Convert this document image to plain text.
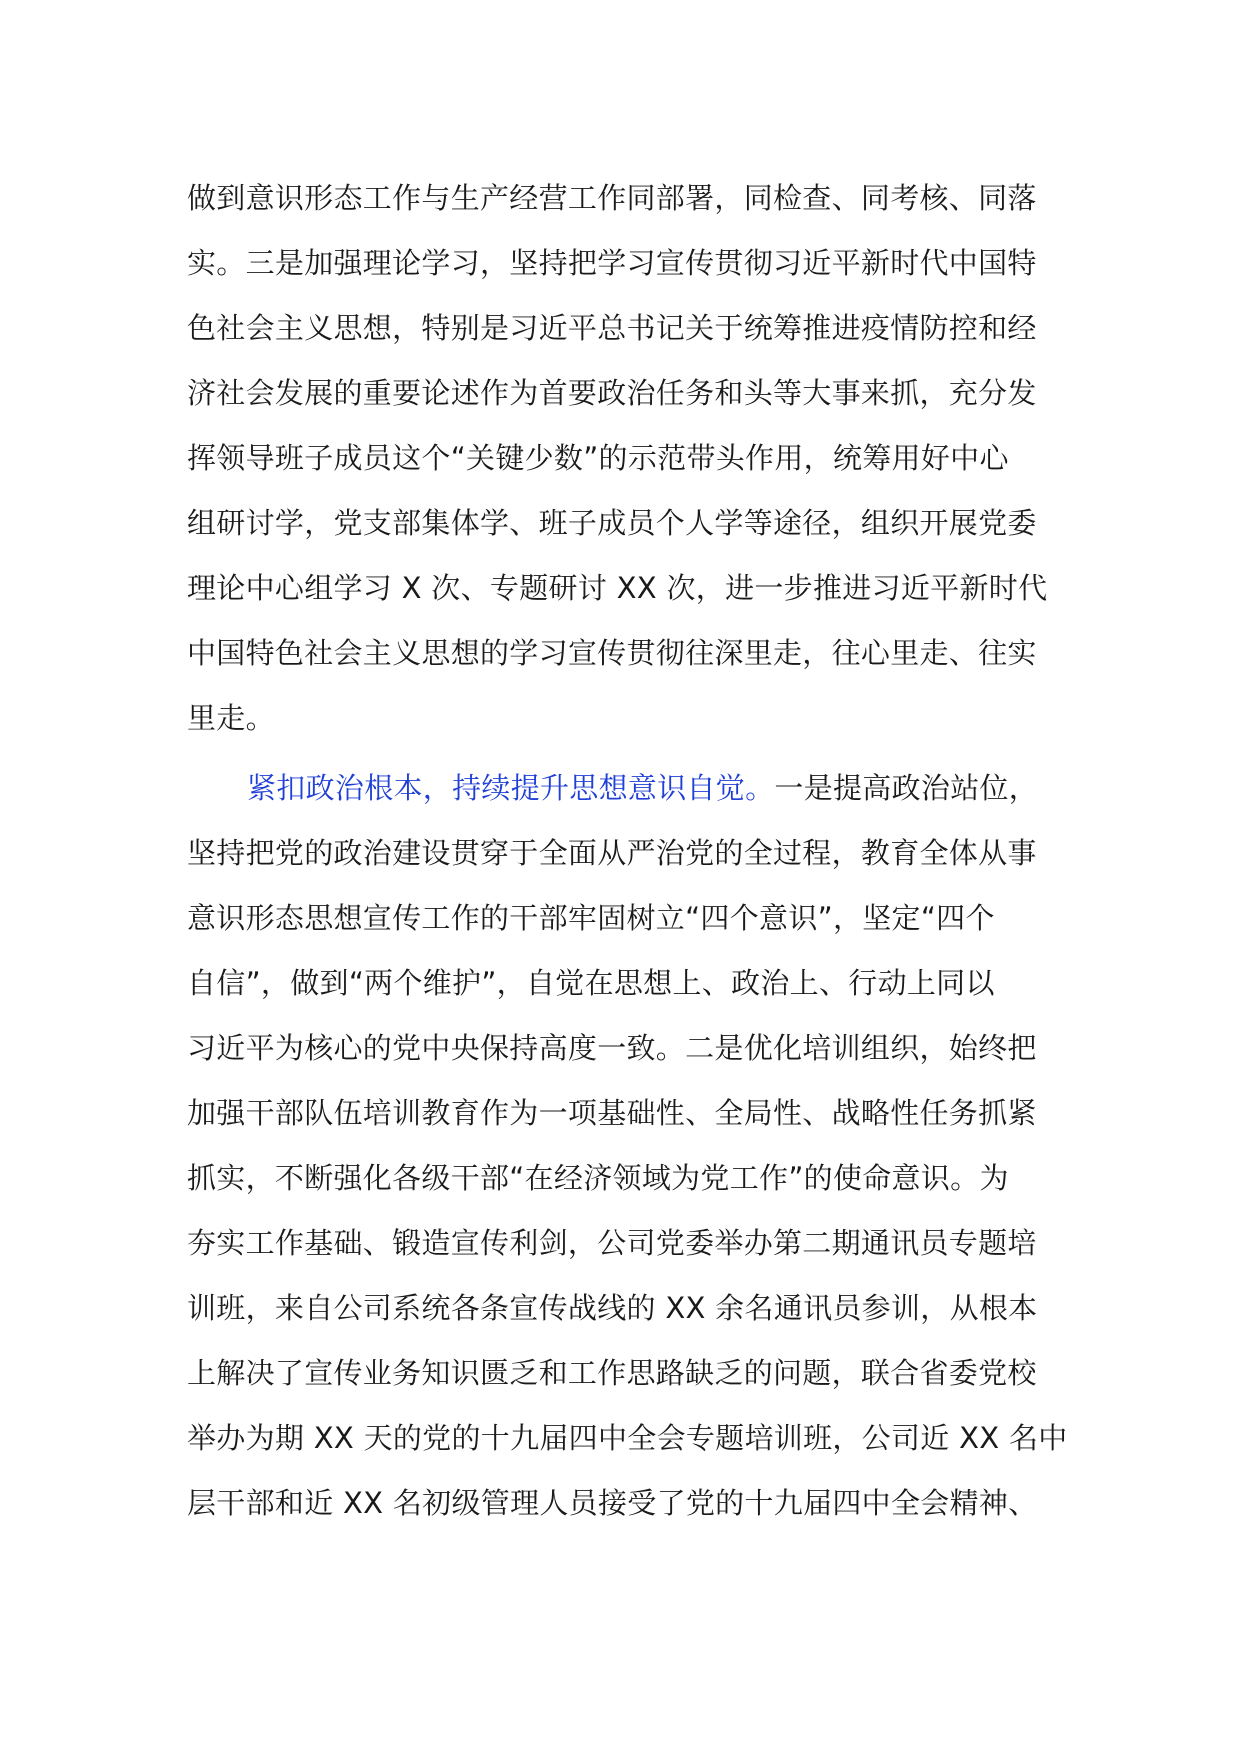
做到意识形态工作与生产经营工作同部署，同检查、同考核、同落
实。三是加强理论学习，坚持把学习宣传贯彻习近平新时代中国特
色社会主义思想，特别是习近平总书记关于统筹推进疫情防控和经
济社会发展的重要论述作为首要政治任务和头等大事来抓，充分发
挥领导班子成员这个“关键少数”的示范带头作用，统筹用好中心
组研讨学，党支部集体学、班子成员个人学等途径，组织开展党委
理论中心组学习 X 次、专题研讨 XX 次，进一步推进习近平新时代
中国特色社会主义思想的学习宣传贯彻往深里走，往心里走、往实
里走。
紧扣政治根本，持续提升思想意识自觉。一是提高政治站位，
坚持把党的政治建设贯穿于全面从严治党的全过程，教育全体从事
意识形态思想宣传工作的干部牢固树立“四个意识”，坚定“四个
自信”，做到“两个维护”，自觉在思想上、政治上、行动上同以
习近平为核心的党中央保持高度一致。二是优化培训组织，始终把
加强干部队伍培训教育作为一项基础性、全局性、战略性任务抓紧
抓实，不断强化各级干部“在经济领域为党工作”的使命意识。为
夯实工作基础、锻造宣传利剑，公司党委举办第二期通讯员专题培
训班，来自公司系统各条宣传战线的 XX 余名通讯员参训，从根本
上解决了宣传业务知识匮乏和工作思路缺乏的问题，联合省委党校
举办为期 XX 天的党的十九届四中全会专题培训班，公司近 XX 名中
层干部和近 XX 名初级管理人员接受了党的十九届四中全会精神、
